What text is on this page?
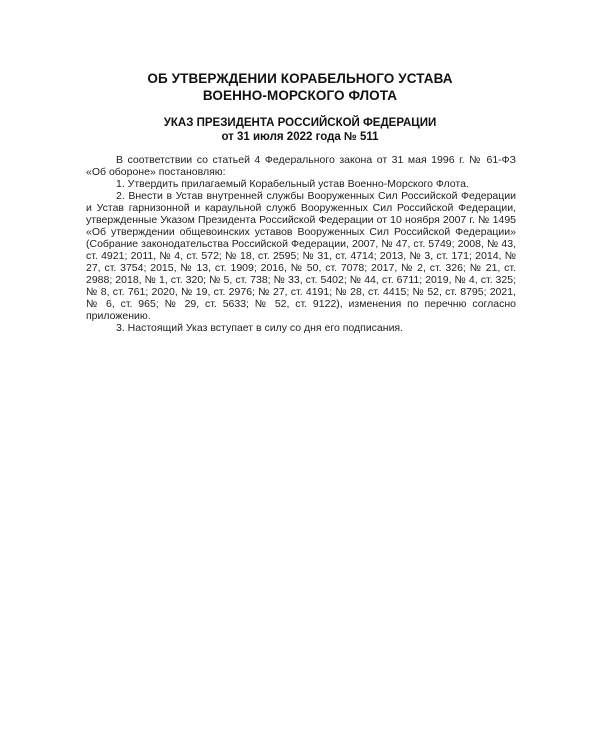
ОБ УТВЕРЖДЕНИИ КОРАБЕЛЬНОГО УСТАВА
ВОЕННО-МОРСКОГО ФЛОТА
УКАЗ ПРЕЗИДЕНТА РОССИЙСКОЙ ФЕДЕРАЦИИ
от 31 июля 2022 года № 511

В соответствии со статьей 4 Федерального закона от 31 мая 1996 г. № 61-ФЗ «Об обороне» постановляю:

1. Утвердить прилагаемый Корабельный устав Военно-Морского Флота.

2. Внести в Устав внутренней службы Вооруженных Сил Российской Федерации и Устав гарнизонной и караульной служб Вооруженных Сил Российской Федерации, утвержденные Указом Президента Российской Федерации от 10 ноября 2007 г. № 1495 «Об утверждении общевоинских уставов Вооруженных Сил Российской Федерации» (Собрание законодательства Российской Федерации, 2007, № 47, ст. 5749; 2008, № 43, ст. 4921; 2011, № 4, ст. 572; № 18, ст. 2595; № 31, ст. 4714; 2013, № 3, ст. 171; 2014, № 27, ст. 3754; 2015, № 13, ст. 1909; 2016, № 50, ст. 7078; 2017, № 2, ст. 326; № 21, ст. 2988; 2018, № 1, ст. 320; № 5, ст. 738; № 33, ст. 5402; № 44, ст. 6711; 2019, № 4, ст. 325; № 8, ст. 761; 2020, № 19, ст. 2976; № 27, ст. 4191; № 28, ст. 4415; № 52, ст. 8795; 2021, № 6, ст. 965; № 29, ст. 5633; № 52, ст. 9122), изменения по перечню согласно приложению.

3. Настоящий Указ вступает в силу со дня его подписания.
